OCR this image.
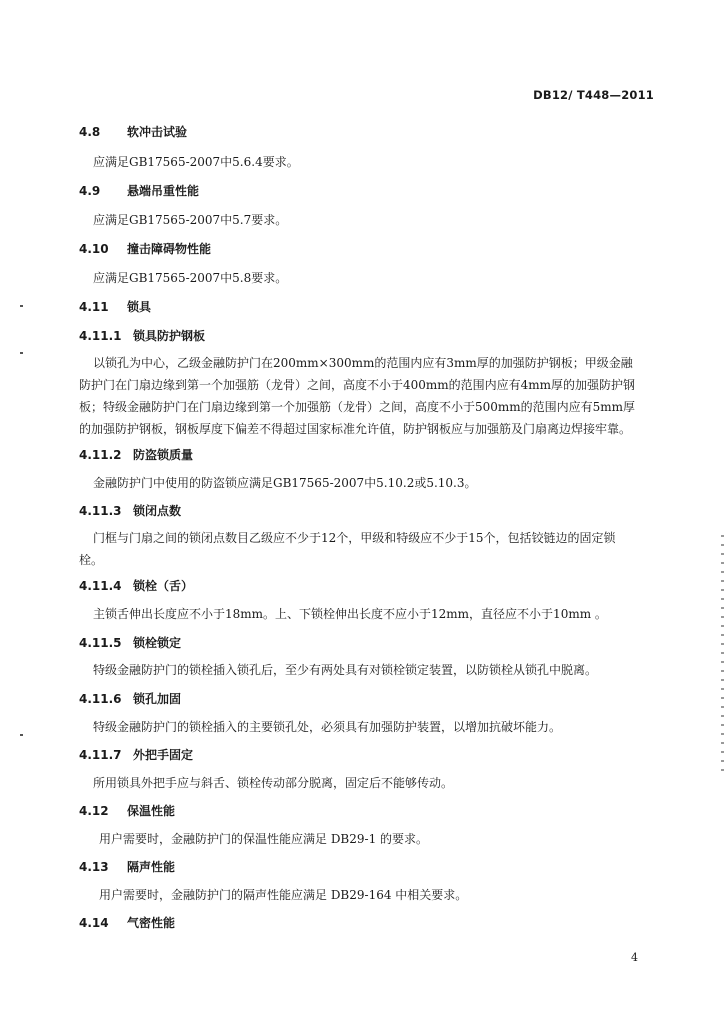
DB12/ T448—2011
4.8 软冲击试验
应满足GB17565-2007中5.6.4要求。
4.9 悬端吊重性能
应满足GB17565-2007中5.7要求。
4.10 撞击障碍物性能
应满足GB17565-2007中5.8要求。
4.11 锁具
4.11.1 锁具防护钢板
以锁孔为中心，乙级金融防护门在200mm×300mm的范围内应有3mm厚的加强防护钢板；甲级金融
防护门在门扇边缘到第一个加强筋（龙骨）之间，高度不小于400mm的范围内应有4mm厚的加强防护钢
板；特级金融防护门在门扇边缘到第一个加强筋（龙骨）之间，高度不小于500mm的范围内应有5mm厚
的加强防护钢板，钢板厚度下偏差不得超过国家标准允许值，防护钢板应与加强筋及门扇离边焊接牢靠。
4.11.2 防盗锁质量
金融防护门中使用的防盗锁应满足GB17565-2007中5.10.2或5.10.3。
4.11.3 锁闭点数
门框与门扇之间的锁闭点数目乙级应不少于12个，甲级和特级应不少于15个，包括铰链边的固定锁
栓。
4.11.4 锁栓（舌）
主锁舌伸出长度应不小于18mm。上、下锁栓伸出长度不应小于12mm，直径应不小于10mm 。
4.11.5 锁栓锁定
特级金融防护门的锁栓插入锁孔后，至少有两处具有对锁栓锁定装置，以防锁栓从锁孔中脱离。
4.11.6 锁孔加固
特级金融防护门的锁栓插入的主要锁孔处，必须具有加强防护装置，以增加抗破坏能力。
4.11.7 外把手固定
所用锁具外把手应与斜舌、锁栓传动部分脱离，固定后不能够传动。
4.12 保温性能
用户需要时，金融防护门的保温性能应满足 DB29-1 的要求。
4.13 隔声性能
用户需要时，金融防护门的隔声性能应满足 DB29-164 中相关要求。
4.14 气密性能
4
